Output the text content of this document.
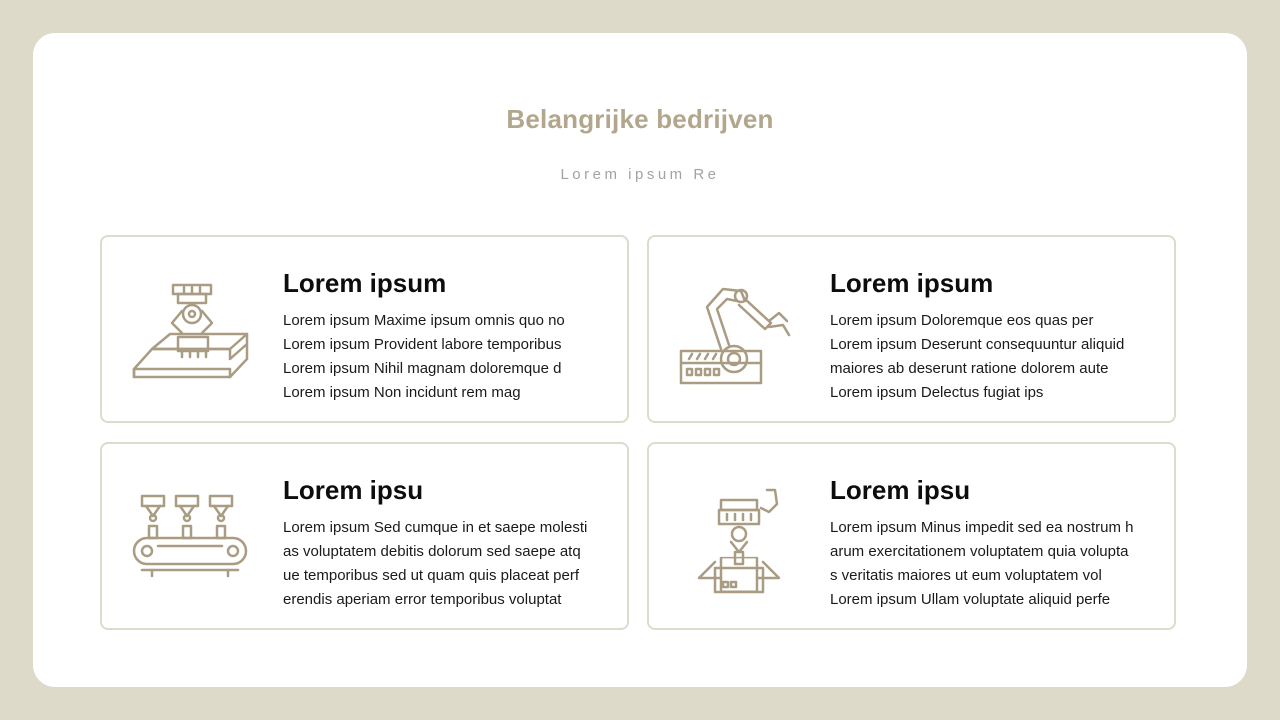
Belangrijke bedrijven

Lorem ipsum Re

Lorem ipsum
Lorem ipsum Maxime ipsum omnis quo no
Lorem ipsum Provident labore temporibus
Lorem ipsum Nihil magnam doloremque d
Lorem ipsum Non incidunt rem mag
Lorem ipsum
Lorem ipsum Doloremque eos quas per
Lorem ipsum Deserunt consequuntur aliquid
maiores ab deserunt ratione dolorem aute
Lorem ipsum Delectus fugiat ips
Lorem ipsu
Lorem ipsum Sed cumque in et saepe molesti
as voluptatem debitis dolorum sed saepe atq
ue temporibus sed ut quam quis placeat perf
erendis aperiam error temporibus voluptat
Lorem ipsu
Lorem ipsum Minus impedit sed ea nostrum h
arum exercitationem voluptatem quia volupta
s veritatis maiores ut eum voluptatem vol
Lorem ipsum Ullam voluptate aliquid perfe
